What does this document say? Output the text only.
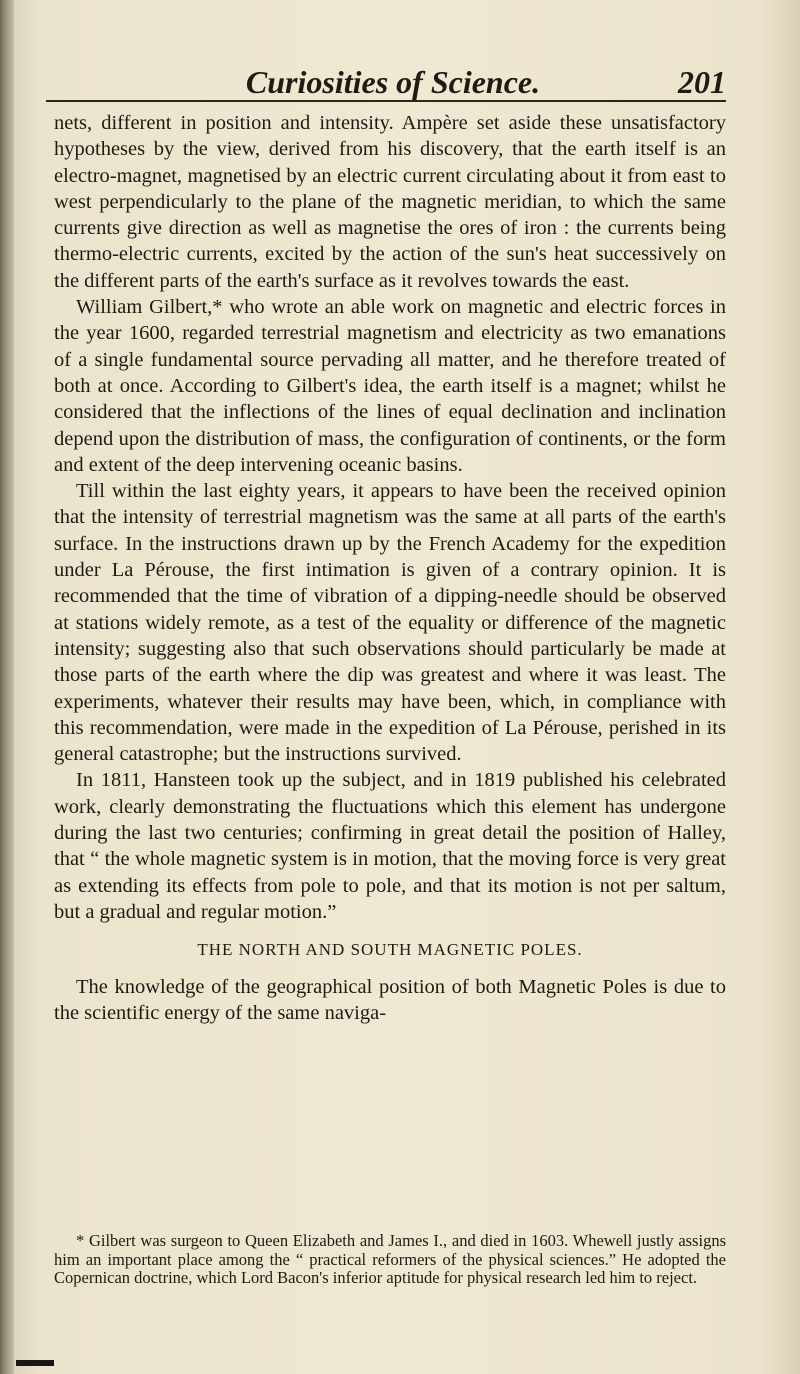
Curiosities of Science.	201

nets, different in position and intensity. Ampère set aside these unsatisfactory hypotheses by the view, derived from his discovery, that the earth itself is an electro-magnet, magnetised by an electric current circulating about it from east to west perpendicularly to the plane of the magnetic meridian, to which the same currents give direction as well as magnetise the ores of iron : the currents being thermo-electric currents, excited by the action of the sun's heat successively on the different parts of the earth's surface as it revolves towards the east.

William Gilbert,* who wrote an able work on magnetic and electric forces in the year 1600, regarded terrestrial magnetism and electricity as two emanations of a single fundamental source pervading all matter, and he therefore treated of both at once. According to Gilbert's idea, the earth itself is a magnet; whilst he considered that the inflections of the lines of equal declination and inclination depend upon the distribution of mass, the configuration of continents, or the form and extent of the deep intervening oceanic basins.

Till within the last eighty years, it appears to have been the received opinion that the intensity of terrestrial magnetism was the same at all parts of the earth's surface. In the instructions drawn up by the French Academy for the expedition under La Pérouse, the first intimation is given of a contrary opinion. It is recommended that the time of vibration of a dipping-needle should be observed at stations widely remote, as a test of the equality or difference of the magnetic intensity; suggesting also that such observations should particularly be made at those parts of the earth where the dip was greatest and where it was least. The experiments, whatever their results may have been, which, in compliance with this recommendation, were made in the expedition of La Pérouse, perished in its general catastrophe; but the instructions survived.

In 1811, Hansteen took up the subject, and in 1819 published his celebrated work, clearly demonstrating the fluctuations which this element has undergone during the last two centuries; confirming in great detail the position of Halley, that “ the whole magnetic system is in motion, that the moving force is very great as extending its effects from pole to pole, and that its motion is not per saltum, but a gradual and regular motion.”

THE NORTH AND SOUTH MAGNETIC POLES.

The knowledge of the geographical position of both Magnetic Poles is due to the scientific energy of the same naviga-

* Gilbert was surgeon to Queen Elizabeth and James I., and died in 1603. Whewell justly assigns him an important place among the “ practical reformers of the physical sciences.” He adopted the Copernican doctrine, which Lord Bacon's inferior aptitude for physical research led him to reject.
